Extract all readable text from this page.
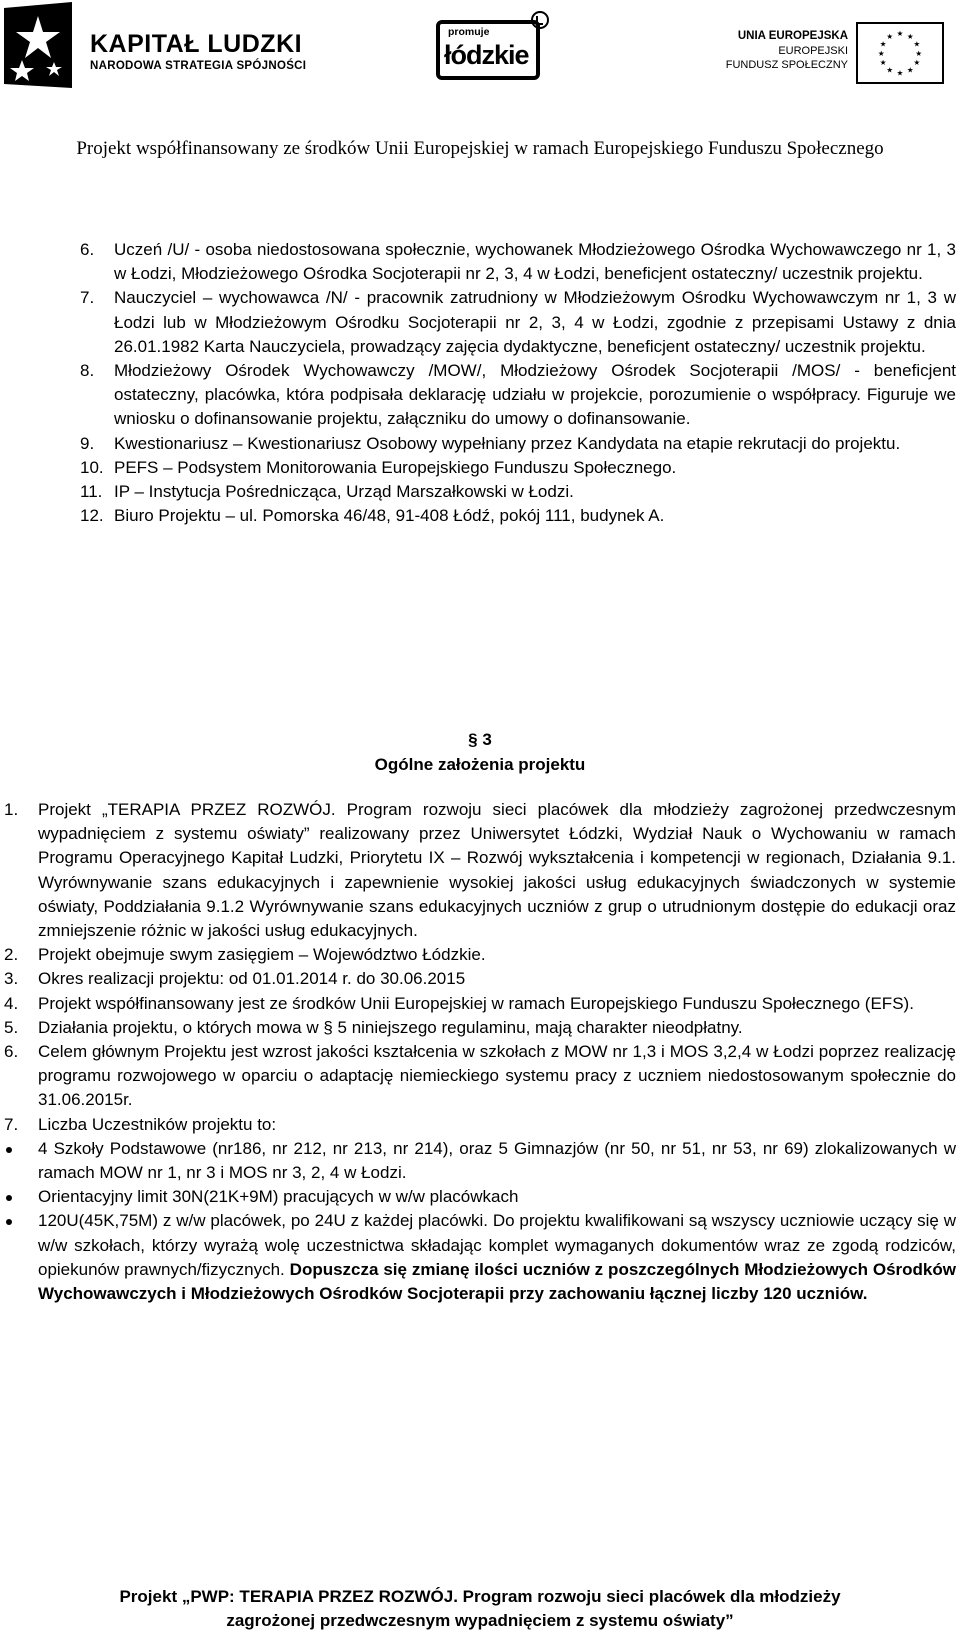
KAPITAŁ LUDZKI
NARODOWA STRATEGIA SPÓJNOŚCI
promuje
łódzkie
UNIA EUROPEJSKA
EUROPEJSKI
FUNDUSZ SPOŁECZNY
★ ★
★
★
★
★
★
★
★
★
★
★
Projekt współfinansowany ze środków Unii Europejskiej w ramach Europejskiego Funduszu Społecznego
6. Uczeń /U/ - osoba niedostosowana społecznie, wychowanek Młodzieżowego Ośrodka Wychowawczego nr 1, 3 w Łodzi, Młodzieżowego Ośrodka Socjoterapii nr 2, 3, 4 w Łodzi, beneficjent ostateczny/ uczestnik projektu.
7. Nauczyciel – wychowawca /N/ - pracownik zatrudniony w Młodzieżowym Ośrodku Wychowawczym nr 1, 3 w Łodzi lub w Młodzieżowym Ośrodku Socjoterapii nr 2, 3, 4 w Łodzi, zgodnie z przepisami Ustawy z dnia 26.01.1982 Karta Nauczyciela, prowadzący zajęcia dydaktyczne, beneficjent ostateczny/ uczestnik projektu.
8. Młodzieżowy Ośrodek Wychowawczy /MOW/, Młodzieżowy Ośrodek Socjoterapii /MOS/ - beneficjent ostateczny, placówka, która podpisała deklarację udziału w projekcie, porozumienie o współpracy. Figuruje we wniosku o dofinansowanie projektu, załączniku do umowy o dofinansowanie.
9. Kwestionariusz – Kwestionariusz Osobowy wypełniany przez Kandydata na etapie rekrutacji do projektu.
10. PEFS – Podsystem Monitorowania Europejskiego Funduszu Społecznego.
11. IP – Instytucja Pośrednicząca, Urząd Marszałkowski w Łodzi.
12. Biuro Projektu – ul. Pomorska 46/48, 91-408 Łódź, pokój 111, budynek A.
§ 3
Ogólne założenia projektu
1. Projekt „TERAPIA PRZEZ ROZWÓJ. Program rozwoju sieci placówek dla młodzieży zagrożonej przedwczesnym wypadnięciem z systemu oświaty” realizowany przez Uniwersytet Łódzki, Wydział Nauk o Wychowaniu w ramach Programu Operacyjnego Kapitał Ludzki, Priorytetu IX – Rozwój wykształcenia i kompetencji w regionach, Działania 9.1. Wyrównywanie szans edukacyjnych i zapewnienie wysokiej jakości usług edukacyjnych świadczonych w systemie oświaty, Poddziałania 9.1.2 Wyrównywanie szans edukacyjnych uczniów z grup o utrudnionym dostępie do edukacji oraz zmniejszenie różnic w jakości usług edukacyjnych.
2. Projekt obejmuje swym zasięgiem – Województwo Łódzkie.
3. Okres realizacji projektu: od 01.01.2014 r. do 30.06.2015
4. Projekt współfinansowany jest ze środków Unii Europejskiej w ramach Europejskiego Funduszu Społecznego (EFS).
5. Działania projektu, o których mowa w § 5 niniejszego regulaminu, mają charakter nieodpłatny.
6. Celem głównym Projektu jest wzrost jakości kształcenia w szkołach z MOW nr 1,3 i MOS 3,2,4 w Łodzi poprzez realizację programu rozwojowego w oparciu o adaptację niemieckiego systemu pracy z uczniem niedostosowanym społecznie do 31.06.2015r.
7. Liczba Uczestników projektu to:
4 Szkoły Podstawowe (nr186, nr 212, nr 213, nr 214), oraz 5 Gimnazjów (nr 50, nr 51, nr 53, nr 69) zlokalizowanych w ramach MOW nr 1, nr 3 i MOS nr 3, 2, 4 w Łodzi.
Orientacyjny limit 30N(21K+9M) pracujących w w/w placówkach
120U(45K,75M) z w/w placówek, po 24U z każdej placówki. Do projektu kwalifikowani są wszyscy uczniowie uczący się w w/w szkołach, którzy wyrażą wolę uczestnictwa składając komplet wymaganych dokumentów wraz ze zgodą rodziców, opiekunów prawnych/fizycznych. Dopuszcza się zmianę ilości uczniów z poszczególnych Młodzieżowych Ośrodków Wychowawczych i Młodzieżowych Ośrodków Socjoterapii przy zachowaniu łącznej liczby 120 uczniów.
Projekt „PWP: TERAPIA PRZEZ ROZWÓJ. Program rozwoju sieci placówek dla młodzieży
zagrożonej przedwczesnym wypadnięciem z systemu oświaty”
